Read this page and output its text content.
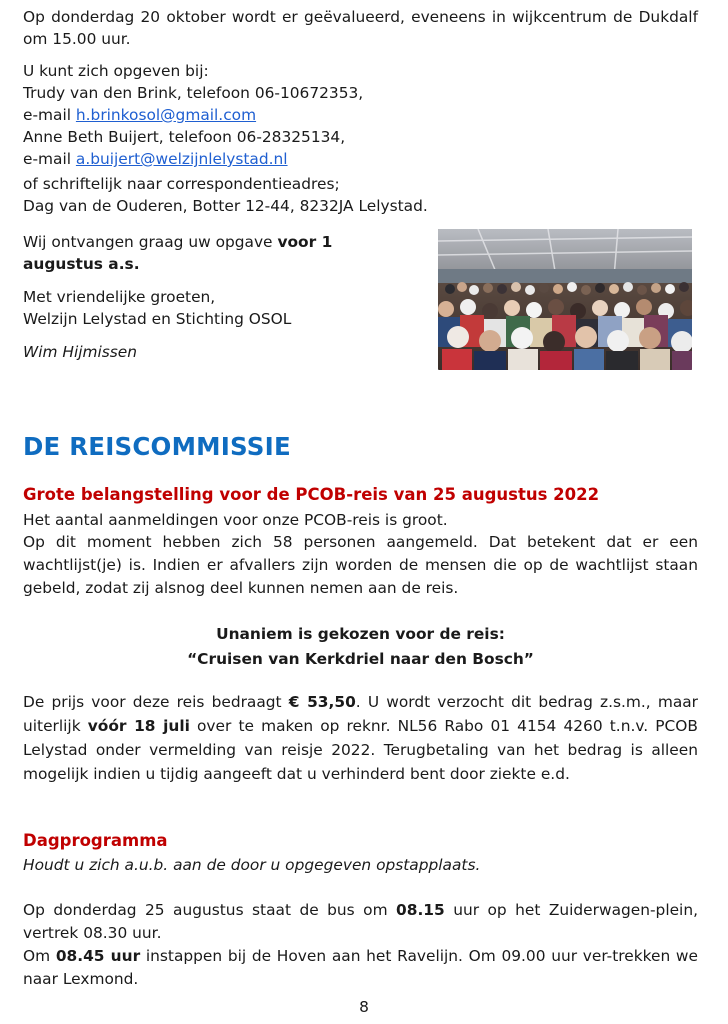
Op donderdag 20 oktober wordt er geëvalueerd, eveneens in wijkcentrum de Dukdalf om 15.00 uur.

U kunt zich opgeven bij:

Trudy van den Brink, telefoon 06-10672353,

e-mail h.brinkosol@gmail.com

Anne Beth Buijert, telefoon 06-28325134,

e-mail a.buijert@welzijnlelystad.nl

of schriftelijk naar correspondentieadres;

Dag van de Ouderen, Botter 12-44, 8232JA Lelystad.

Wij ontvangen graag uw opgave voor 1

augustus a.s.

Met vriendelijke groeten,

Welzijn Lelystad en Stichting OSOL

Wim Hijmissen

DE REISCOMMISSIE
Grote belangstelling voor de PCOB-reis van 25 augustus 2022

Het aantal aanmeldingen voor onze PCOB-reis is groot.

Op dit moment hebben zich 58 personen aangemeld. Dat betekent dat er een wachtlijst(je) is. Indien er afvallers zijn worden de mensen die op de wachtlijst staan gebeld, zodat zij alsnog deel kunnen nemen aan de reis.

Unaniem is gekozen voor de reis:

“Cruisen van Kerkdriel naar den Bosch”

De prijs voor deze reis bedraagt € 53,50. U wordt verzocht dit bedrag z.s.m., maar uiterlijk vóór 18 juli over te maken op reknr. NL56 Rabo 01 4154 4260 t.n.v. PCOB Lelystad onder vermelding van reisje 2022. Terugbetaling van het bedrag is alleen mogelijk indien u tijdig aangeeft dat u verhinderd bent door ziekte e.d.

Dagprogramma

Houdt u zich a.u.b. aan de door u opgegeven opstapplaats.

Op donderdag 25 augustus staat de bus om 08.15 uur op het Zuiderwagen-plein, vertrek 08.30 uur.

Om 08.45 uur instappen bij de Hoven aan het Ravelijn. Om 09.00 uur ver-trekken we naar Lexmond.

8
